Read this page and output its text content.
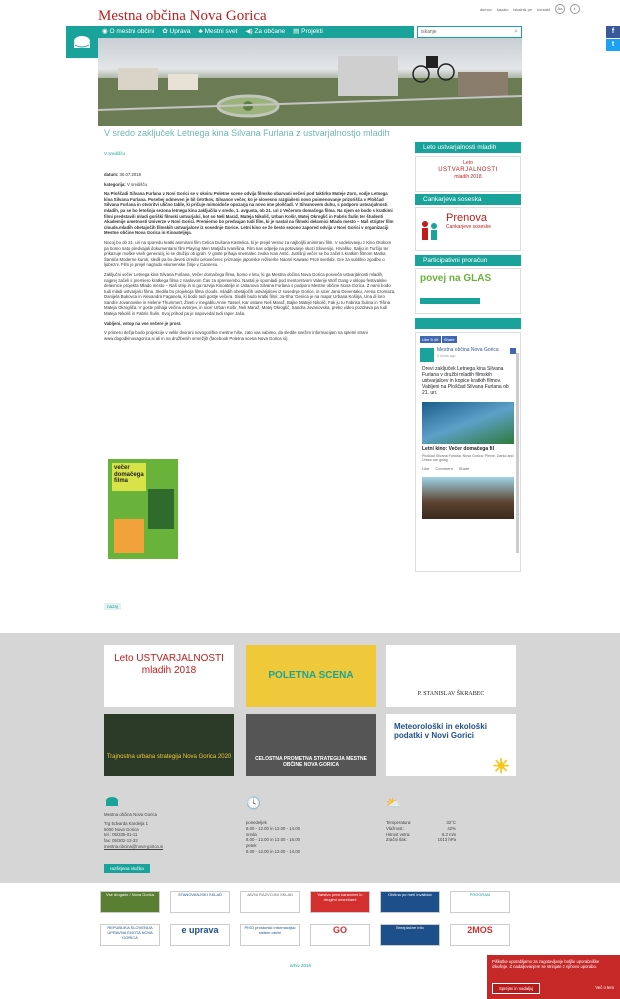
Mestna občina Nova Gorica	domov kazalo iskalnik pe kontakt	Aa	◐
◉ O mestni občini ✿ Uprava ♣ Mestni svet ◀) Za občane ▤ Projekti	iskanje	⌕	f
t
V sredo zaključek Letnega kina Silvana Furlana z ustvarjalnostjo mladih
V središču

datum: 30.07.2018

kategorija: V središču

Na Ploščadi Silvana Furlana v Novi Gorici se v okviru Poletne scene odvija filmsko obarvani večeri pod taktirko Mateje Zorn, vodje Letnega kina Silvana Furlana. Posebej odmeven je bil četrtkov, Silvanov večer, ko je slovesno razglašeni novo poimenovanje prizorišča v Ploščad Silvana Furlana in otvoritvi ulično table, ki pričuje mimoidoče opozarja na novo ime ploščadi. V Silvanovem duhu, s podporo ustvarjalnosti mladih, pa se bo letošnja sezona letnega kina zaključila v sredo, 1. avgusta, ob 21. uri z Večerom domačega filma. Na njem se bodo s kratkimi filmi predstavili mladi goriški filmski ustvarjalci, kot so Neli Maraž, Mateja Nikolič, Urban Košir, Matej Okroglič in Fabris Šulin ter študenti Akademije umetnosti Univerze v Novi Gorici. Premierno bo predvajan tudi film, ki je nastal na filmski delavnici Mlado mesto – Naš stripter film clouds.mladih obetajočih filmskih ustvarjalcev iz sosednje Gorice. Letni kino se že šesto sezono zapored odvija v Novi Gorici v organizaciji Mestne občine Nova Gorica in Kinoateljeja.

Nocoj bo ob 21. uri na sporedu kratki animirani film Celica Dušana Kastelica, ki je prejel Vesno za najboljši animirani film. V sodelovanju z Kino Otokom pa bomo nato predvajali dokumentarni film Playing Men Matjaža Ivanišina. Film nas odpelje na potovanje skozi Slovenijo, Hrvaško, Italijo in Turčijo ter prikazuje moške vseh generacij, ki se družijo ob igrah. V goste prihaja snemalec zvoka Ivan Antić. Jutrišnji večer se bo začel s kratkim filmom Marka Šantića Moderne kuroti, sledil pa bo deveti izredni celovečerec priznanje japonske režiserke Naomi Kawase Proti svetlobi. Gre za subtilno zgodbo o ljubezni. Film je prejel nagrado ekumenske žirije v Cannesu.

Zaključni večer Letnega kina Silvana Furlana, Večer domačega filma, bomo v letu, ki ga Mestna občina Nova Gorica posveča ustvarjalnosti mladih, najprej začeli s premiero kratkega filma z naslovom Čas za spremembo. Nastal je spomladi pod mentorstvom Valerije Wolf Gang v sklopu festivalske delavnice projekta Mlado mesto – Naš utrip in si ga razvija Kinoatelje in Ustanova Silvana Furlana s podporo Mestne občine Nova Gorica. Z nami bodo tudi mladi ustvarjalci filma. Sledila bo projekcija filma clouds. mladih obetajočih ustvarjalcev iz sosednje Gorice, in sicer Jana Deventaku, Arena Cromaza, Danijela Bukovca in Alexandra Faganela, ki bodo tudi gostje večera. Sledili bodo kratki filmi: Ja-Sha 'Genica je na mapa' Urbana Koširja, Una di loro Sandre Jovanovske in Helene Thummert, Živeti v megablu Anne Tassel, Kar ostane Neli Maraž, Bajke Mateje Nikolič, Fak ju tu Fabrisa Šulina in Tišina Mateja Okrogliča. V goste prihaja večina avtorjev, in sicer Urban Košir, Neli Maraž, Matej Okroglič, Sandra Jovanovska, preko video pozdrava pa tudi Mateja Nikolič in Fabris Šulin. Svoj prihod pa je napovedal tudi raper Jaša.

Vabljeni, vstop na vse večere je prost.

V primeru dežja bodo projekcije v veliki dvorani novogoriške mestne hiše, zato vas vabimo, da sledite svežim informacijam na spletni strani www.dogodkinovagorica.si ali in na družbenih omrežjih (facebook Poletna scena Nova Gorica si).

večer domačega filma
nazaj
Leto ustvarjalnosti mladih
Leto
USTVARJALNOSTI
mladih 2018
Cankarjeva soseska
Prenova
Cankarjeve soseske
Participativni proračun
povej na GLAS
Like 5.4K Share
Mestna občina Nova Gorica
5 hours ago
Drevi zaključek Letnega kina Silvana Furlana v družbi mladih filmskih ustvarjalcev in kopice kratkih filmov. Vabljeni na Ploščad Silvana Furlana ob 21. uri.
Letni kino: Večer domačega fil
Ploščad Silvana Furlana, Nova Gorica: Pleme, Darko and Urban are going
Like Comment Share
Leto USTVARJALNOSTI mladih 2018	POLETNA SCENA
P. STANISLAV ŠKRABEC
Trajnostna urbana strategija Nova Gorica 2020	CELOSTNA PROMETNA STRATEGIJA MESTNE OBČINE NOVA GORICA
Meteorološki in ekološki podatki v Novi Gorici
☀
🕓	⛅
Mestna občina Nova Gorica
Trg Edvarda Kardelja 1
5000 Nova Gorica
tel.: 05/335-01-11
fax: 05/302-12-33
mestna.obcina@nova-gorica.si
ponedeljek
8.00 - 12.00 in 13.00 - 14.00
sreda
8.00 - 12.00 in 13.00 - 16.00
petek
8.00 - 12.00 in 13.00 - 14.00
Temperatura:	32°C
Vlažnost:	42%
Hitrost vetra:	6.2 m/s
Zračni tlak:	1013 hPa
razširjena vložba
Vse drugače / Nova Gorica	STANOVANJSKI SKLAD	JAVNI RAZVOJNI SKLAD	Varstvo pred naravnimi in drugimi nesrečami
Občina po meri invalidov	PROGRAM
REPUBLIKA SLOVENIJA UPRAVNA ENOTA NOVA GORICA
e uprava	PISO prostorski informacijski sistem občin	GO	Brezplačne info	2MOS
arhiv 2016
Piškotke uporabljamo za zagotavljanje boljše uporabniške izkušnje. Z nadaljevanjem se strinjate z njihovo uporabo.
Sprejmi in nadaljuj	Več o tem
